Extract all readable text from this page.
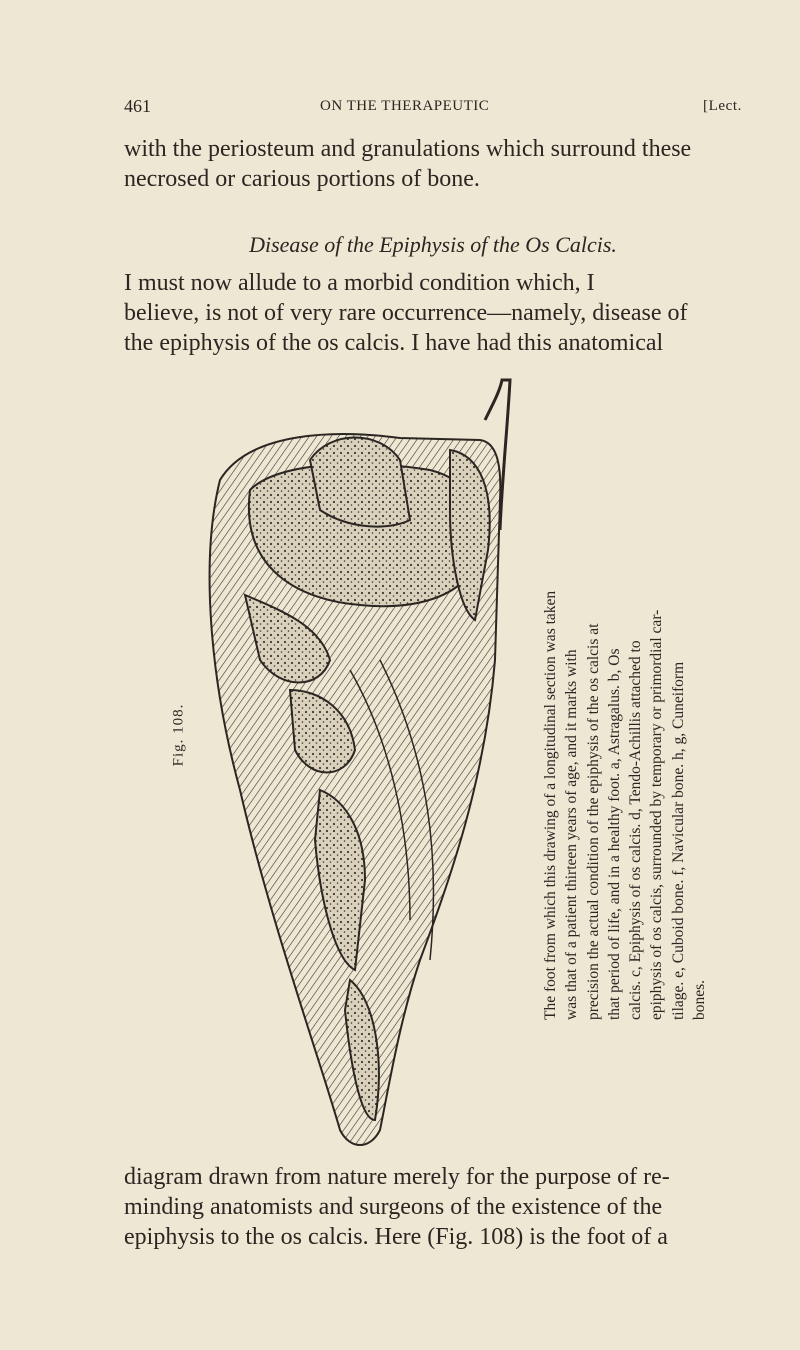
461	ON THE THERAPEUTIC	[Lect.
with the periosteum and granulations which surround these
necrosed or carious portions of bone.
Disease of the Epiphysis of the Os Calcis.
I must now allude to a morbid condition which, I
believe, is not of very rare occurrence—namely, disease of
the epiphysis of the os calcis. I have had this anatomical
Fig. 108.	The foot from which this drawing of a longitudinal section was taken was that of a patient thirteen years of age, and it marks with precision the actual condition of the epiphysis of the os calcis at that period of life, and in a healthy foot. a, Astragalus. b, Os calcis. c, Epiphysis of os calcis. d, Tendo-Achillis attached to epiphysis of os calcis, surrounded by temporary or primordial car- tilage. e, Cuboid bone. f, Navicular bone. h, g, Cuneiform bones.
diagram drawn from nature merely for the purpose of re-
minding anatomists and surgeons of the existence of the
epiphysis to the os calcis. Here (Fig. 108) is the foot of a
